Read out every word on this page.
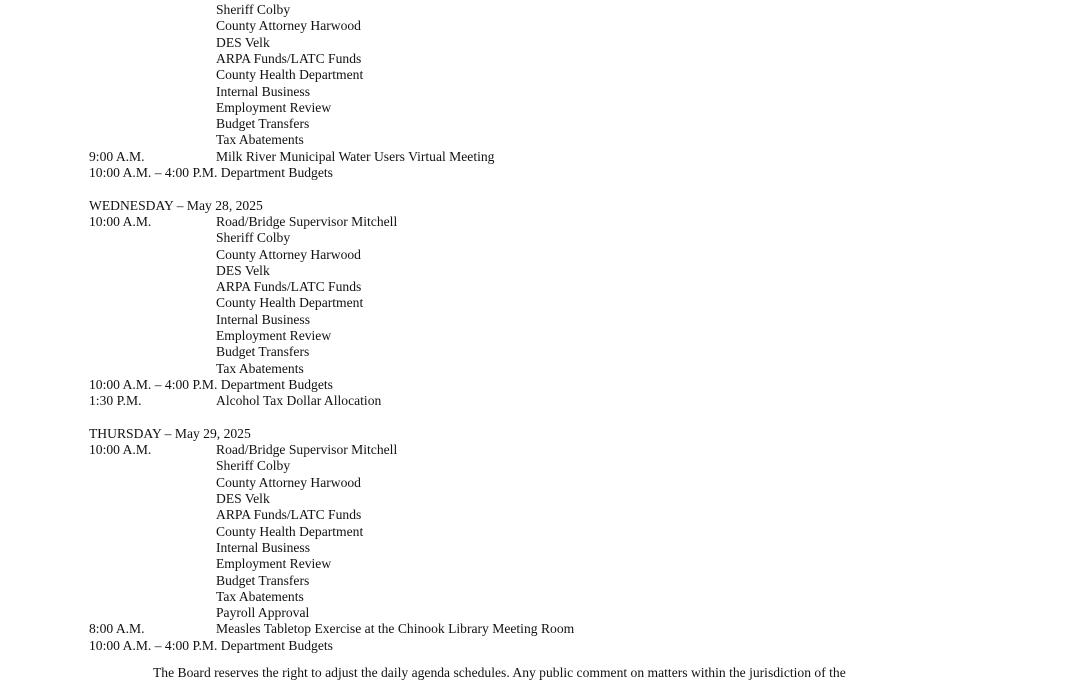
Sheriff Colby
County Attorney Harwood
DES Velk
ARPA Funds/LATC Funds
County Health Department
Internal Business
Employment Review
Budget Transfers
Tax Abatements
9:00 A.M.	Milk River Municipal Water Users Virtual Meeting
10:00 A.M. – 4:00 P.M. Department Budgets
WEDNESDAY – May 28, 2025
10:00 A.M.	Road/Bridge Supervisor Mitchell
Sheriff Colby
County Attorney Harwood
DES Velk
ARPA Funds/LATC Funds
County Health Department
Internal Business
Employment Review
Budget Transfers
Tax Abatements
10:00 A.M. – 4:00 P.M. Department Budgets
1:30 P.M.	Alcohol Tax Dollar Allocation
THURSDAY – May 29, 2025
10:00 A.M.	Road/Bridge Supervisor Mitchell
Sheriff Colby
County Attorney Harwood
DES Velk
ARPA Funds/LATC Funds
County Health Department
Internal Business
Employment Review
Budget Transfers
Tax Abatements
Payroll Approval
8:00 A.M.	Measles Tabletop Exercise at the Chinook Library Meeting Room
10:00 A.M. – 4:00 P.M. Department Budgets
The Board reserves the right to adjust the daily agenda schedules. Any public comment on matters within the jurisdiction of the
